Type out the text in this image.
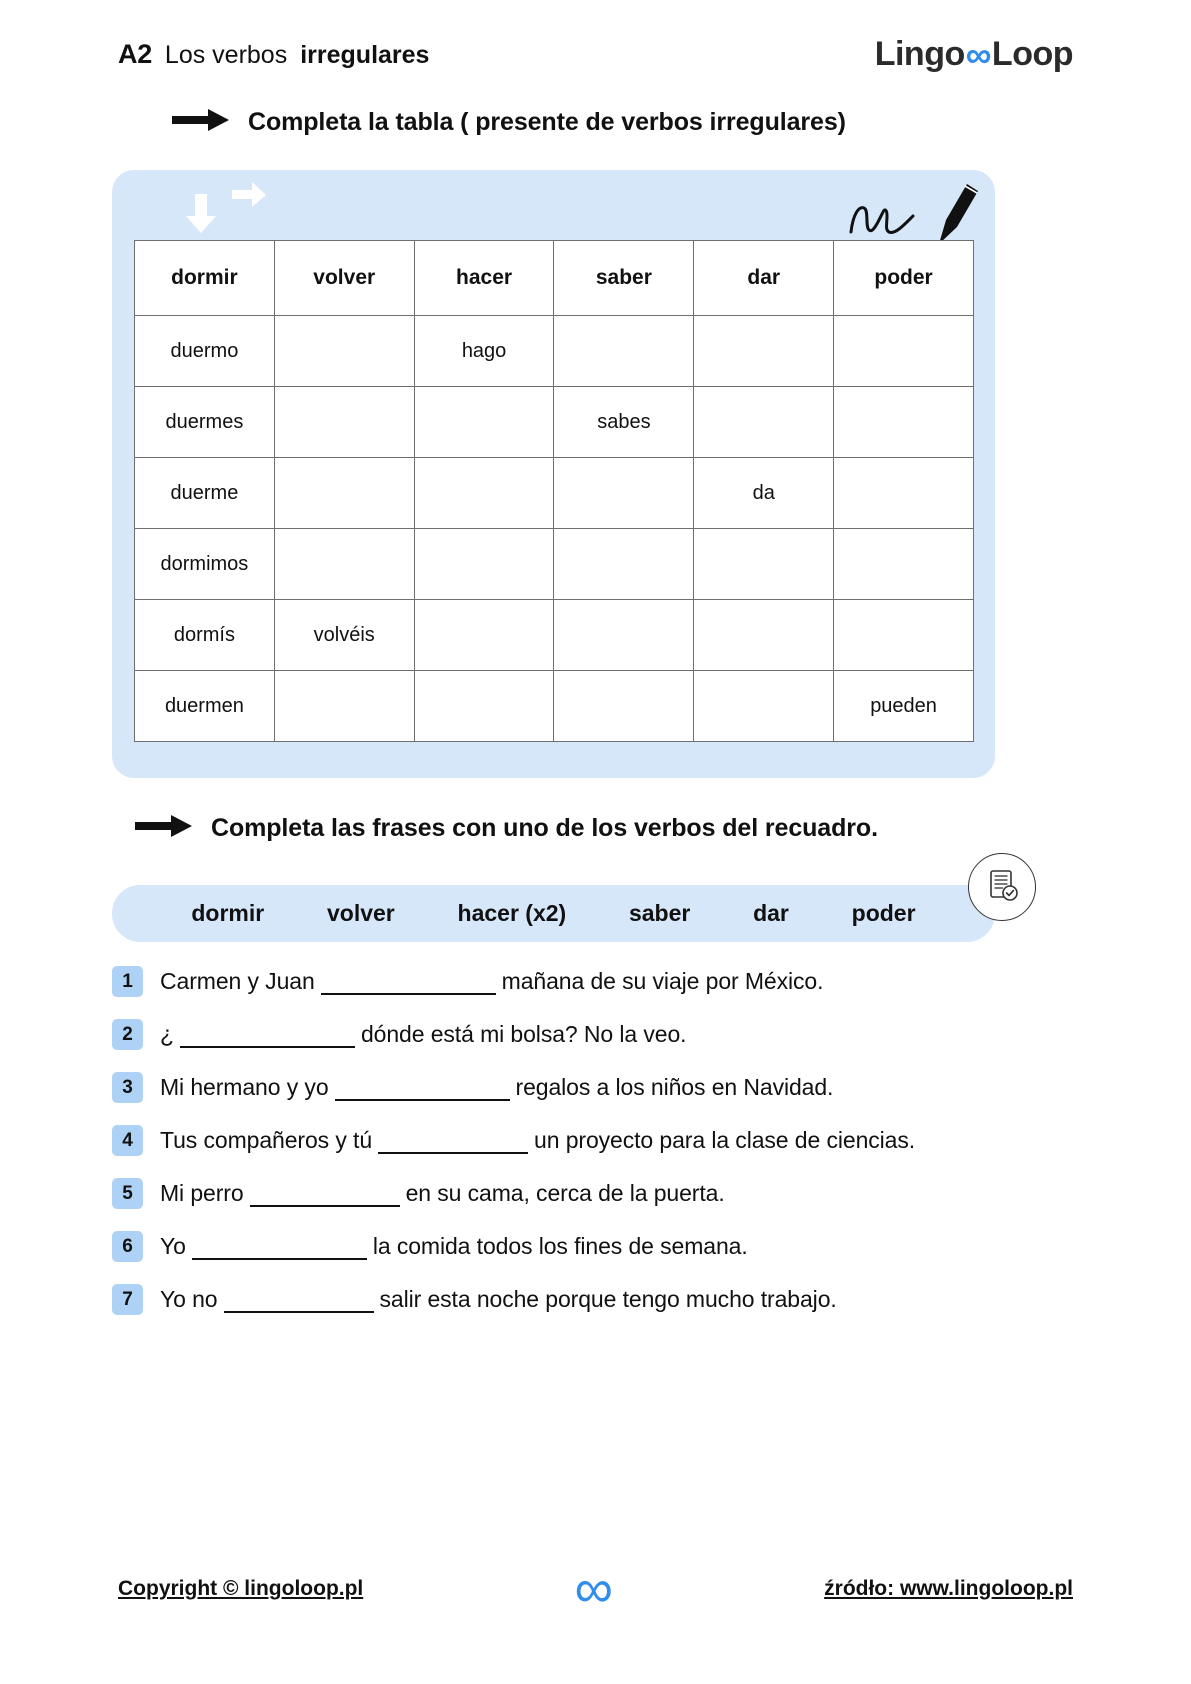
A2 Los verbos irregulares	Lingo ∞ Loop
Completa la tabla ( presente de verbos irregulares)
dormir	volver	hacer	saber	dar	poder
duermo		hago			
duermes			sabes		
duerme				da	
dormimos					
dormís	volvéis				
duermen					pueden
Completa las frases con uno de los verbos del recuadro.
dormir	volver	hacer (x2)	saber	dar	poder
1	Carmen y Juan	mañana de su viaje por México.
2	¿	dónde está mi bolsa? No la veo.
3	Mi hermano y yo	regalos a los niños en Navidad.
4	Tus compañeros y tú	un proyecto para la clase de ciencias.
5	Mi perro	en su cama, cerca de la puerta.
6	Yo	la comida todos los fines de semana.
7	Yo no	salir esta noche porque tengo mucho trabajo.
Copyright © lingoloop.pl	∞	źródło: www.lingoloop.pl
